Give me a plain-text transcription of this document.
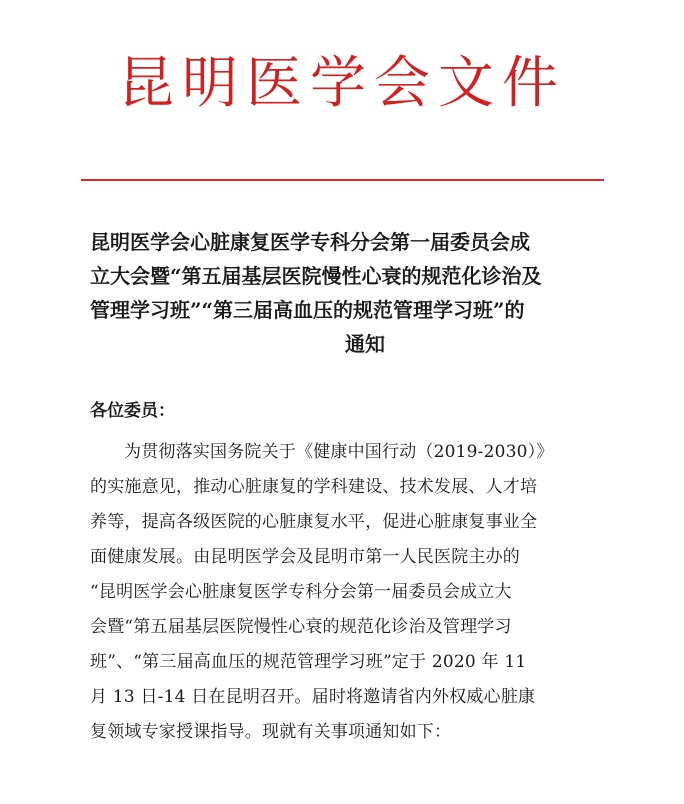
昆明医学会文件
昆明医学会心脏康复医学专科分会第一届委员会成
立大会暨“第五届基层医院慢性心衰的规范化诊治及
管理学习班”“第三届高血压的规范管理学习班”的
通知
各位委员：
为贯彻落实国务院关于《健康中国行动（2019-2030）》
的实施意见，推动心脏康复的学科建设、技术发展、人才培
养等，提高各级医院的心脏康复水平，促进心脏康复事业全
面健康发展。由昆明医学会及昆明市第一人民医院主办的
“昆明医学会心脏康复医学专科分会第一届委员会成立大
会暨“第五届基层医院慢性心衰的规范化诊治及管理学习
班”、“第三届高血压的规范管理学习班”定于 2020 年 11
月 13 日-14 日在昆明召开。届时将邀请省内外权威心脏康
复领域专家授课指导。现就有关事项通知如下：
